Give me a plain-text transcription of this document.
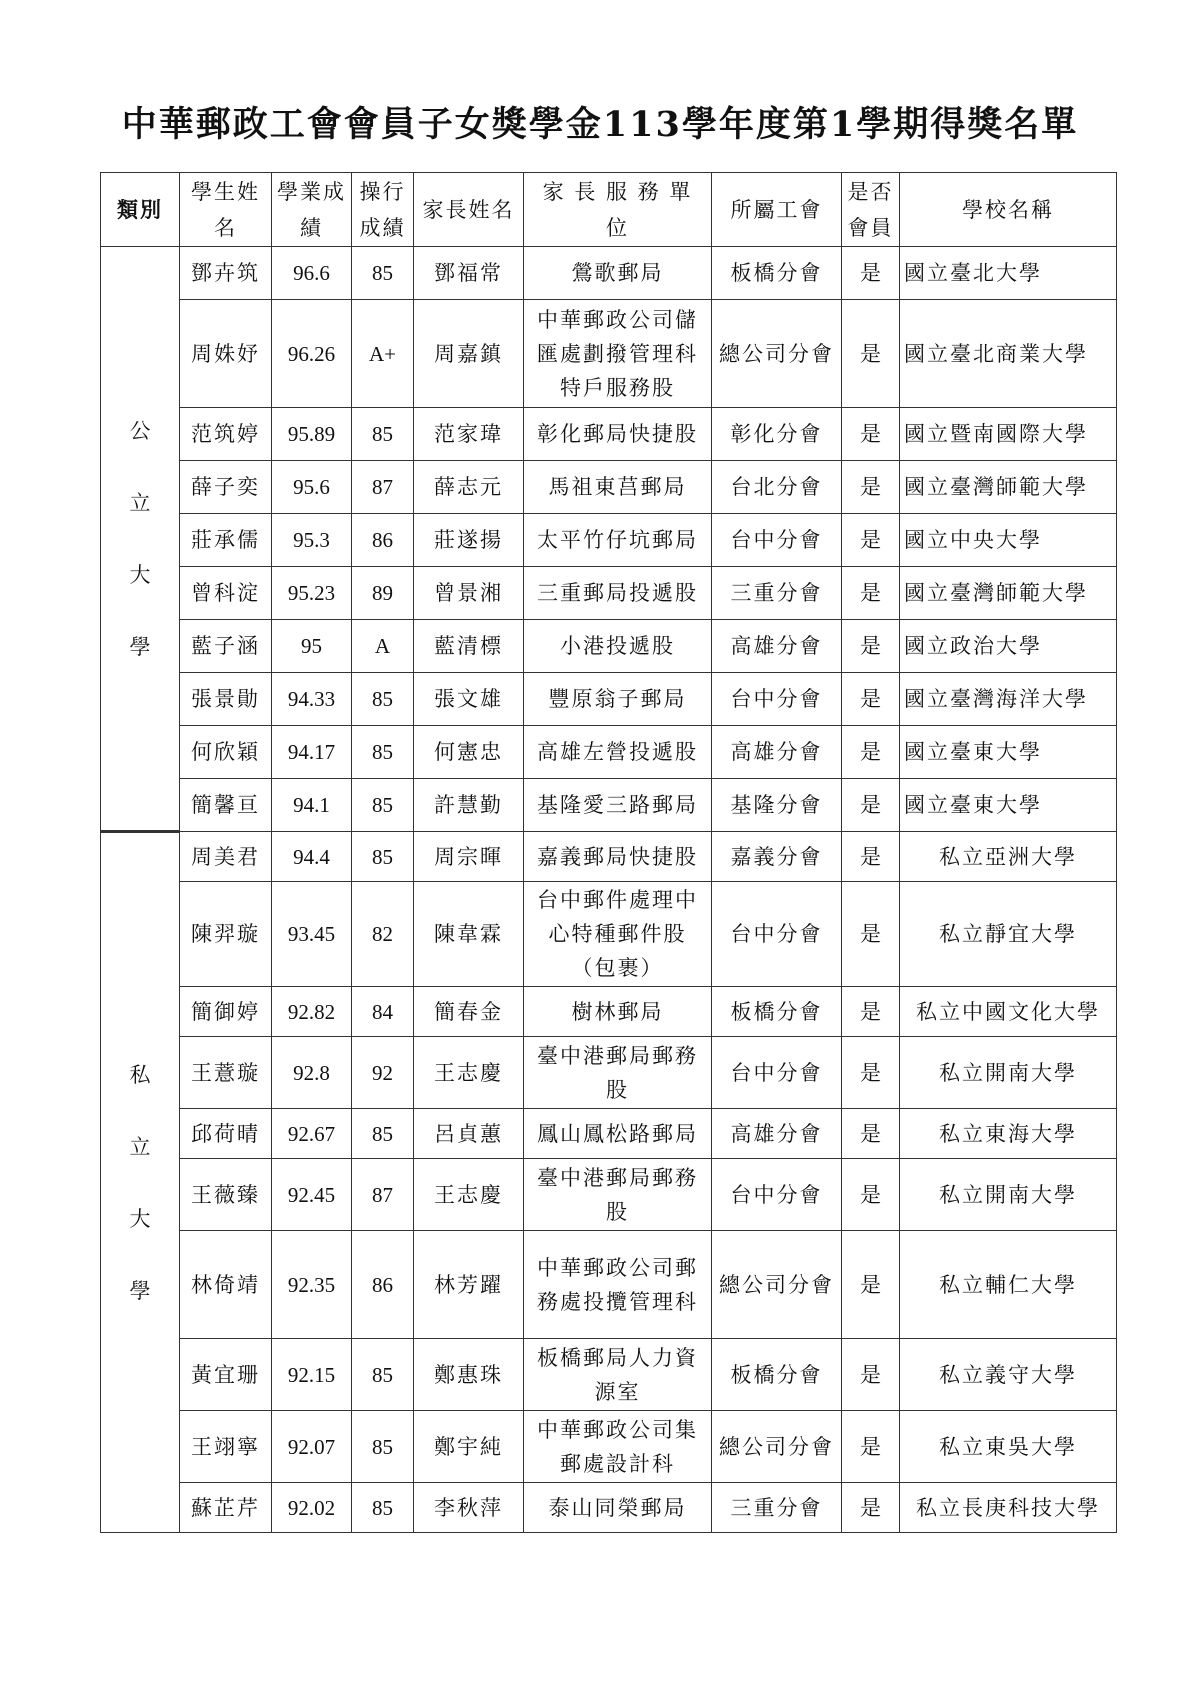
中華郵政工會會員子女獎學金113學年度第1學期得獎名單
類別	學生姓名	學業成績	操行成績	家長姓名	家 長 服 務 單 位	所屬工會	是否會員	學校名稱
公立大學	鄧卉筑	96.6	85	鄧福常	鶯歌郵局	板橋分會	是	國立臺北大學
	周姝妤	96.26	A+	周嘉鎮	中華郵政公司儲匯處劃撥管理科特戶服務股	總公司分會	是	國立臺北商業大學
	范筑婷	95.89	85	范家瑋	彰化郵局快捷股	彰化分會	是	國立暨南國際大學
	薛子奕	95.6	87	薛志元	馬祖東莒郵局	台北分會	是	國立臺灣師範大學
	莊承儒	95.3	86	莊遂揚	太平竹仔坑郵局	台中分會	是	國立中央大學
	曾科淀	95.23	89	曾景湘	三重郵局投遞股	三重分會	是	國立臺灣師範大學
	藍子涵	95	A	藍清標	小港投遞股	高雄分會	是	國立政治大學
	張景勛	94.33	85	張文雄	豐原翁子郵局	台中分會	是	國立臺灣海洋大學
	何欣穎	94.17	85	何憲忠	高雄左營投遞股	高雄分會	是	國立臺東大學
	簡馨亘	94.1	85	許慧勤	基隆愛三路郵局	基隆分會	是	國立臺東大學
私立大學	周美君	94.4	85	周宗暉	嘉義郵局快捷股	嘉義分會	是	私立亞洲大學
	陳羿璇	93.45	82	陳韋霖	台中郵件處理中心特種郵件股（包裹）	台中分會	是	私立靜宜大學
	簡御婷	92.82	84	簡春金	樹林郵局	板橋分會	是	私立中國文化大學
	王薏璇	92.8	92	王志慶	臺中港郵局郵務股	台中分會	是	私立開南大學
	邱荷晴	92.67	85	呂貞蕙	鳳山鳳松路郵局	高雄分會	是	私立東海大學
	王薇臻	92.45	87	王志慶	臺中港郵局郵務股	台中分會	是	私立開南大學
	林倚靖	92.35	86	林芳躍	中華郵政公司郵務處投攬管理科	總公司分會	是	私立輔仁大學
	黃宜珊	92.15	85	鄭惠珠	板橋郵局人力資源室	板橋分會	是	私立義守大學
	王翊寧	92.07	85	鄭宇純	中華郵政公司集郵處設計科	總公司分會	是	私立東吳大學
	蘇芷芹	92.02	85	李秋萍	泰山同榮郵局	三重分會	是	私立長庚科技大學
